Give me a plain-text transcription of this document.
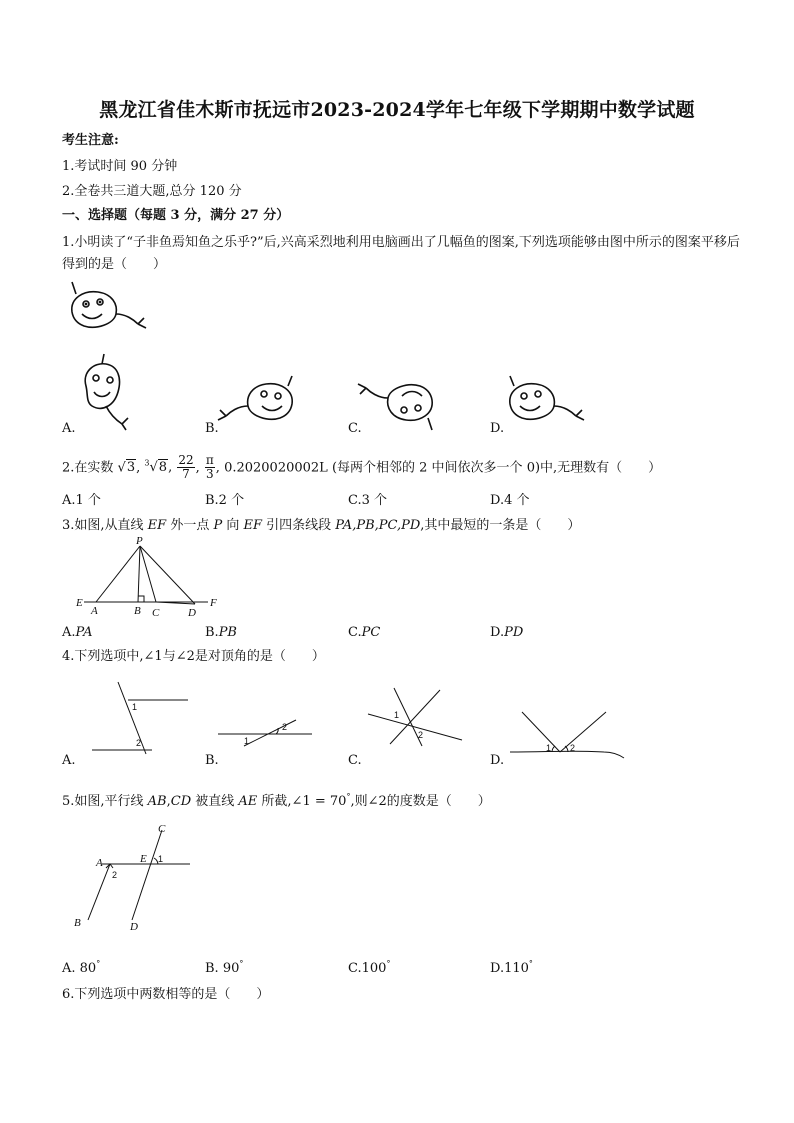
黑龙江省佳木斯市抚远市2023-2024学年七年级下学期期中数学试题
考生注意:
1.考试时间 90 分钟
2.全卷共三道大题,总分 120 分
一、选择题（每题 3 分，满分 27 分）
1.小明读了“子非鱼焉知鱼之乐乎?”后,兴高采烈地利用电脑画出了几幅鱼的图案,下列选项能够由图中所示的图案平移后得到的是（　　）
A.	B.	C.	D.
2.在实数 √3, $^3$√8, $\frac{22}{7}$ , $\frac{\pi}{3}$ , 0.2020020002L (每两个相邻的 2 中间依次多一个 0)中,无理数有（　　）
A.1 个	B.2 个	C.3 个	D.4 个
3.如图,从直线 EF 外一点 P 向 EF 引四条线段 PA,PB,PC,PD,其中最短的一条是（　　）
P
E
A	B C	D
F
A.PA	B.PB	C.PC	D.PD
4.下列选项中,∠1与∠2是对顶角的是（　　）
1
2	1
2
1
2
1 2
A.	B.	C.	D.
5.如图,平行线 AB,CD 被直线 AE 所截,∠1 = 70°,则∠2的度数是（　　）
C
A	E 1
2
B	D
A. 80°	B. 90°	C.100°	D.110°
6.下列选项中两数相等的是（　　）
